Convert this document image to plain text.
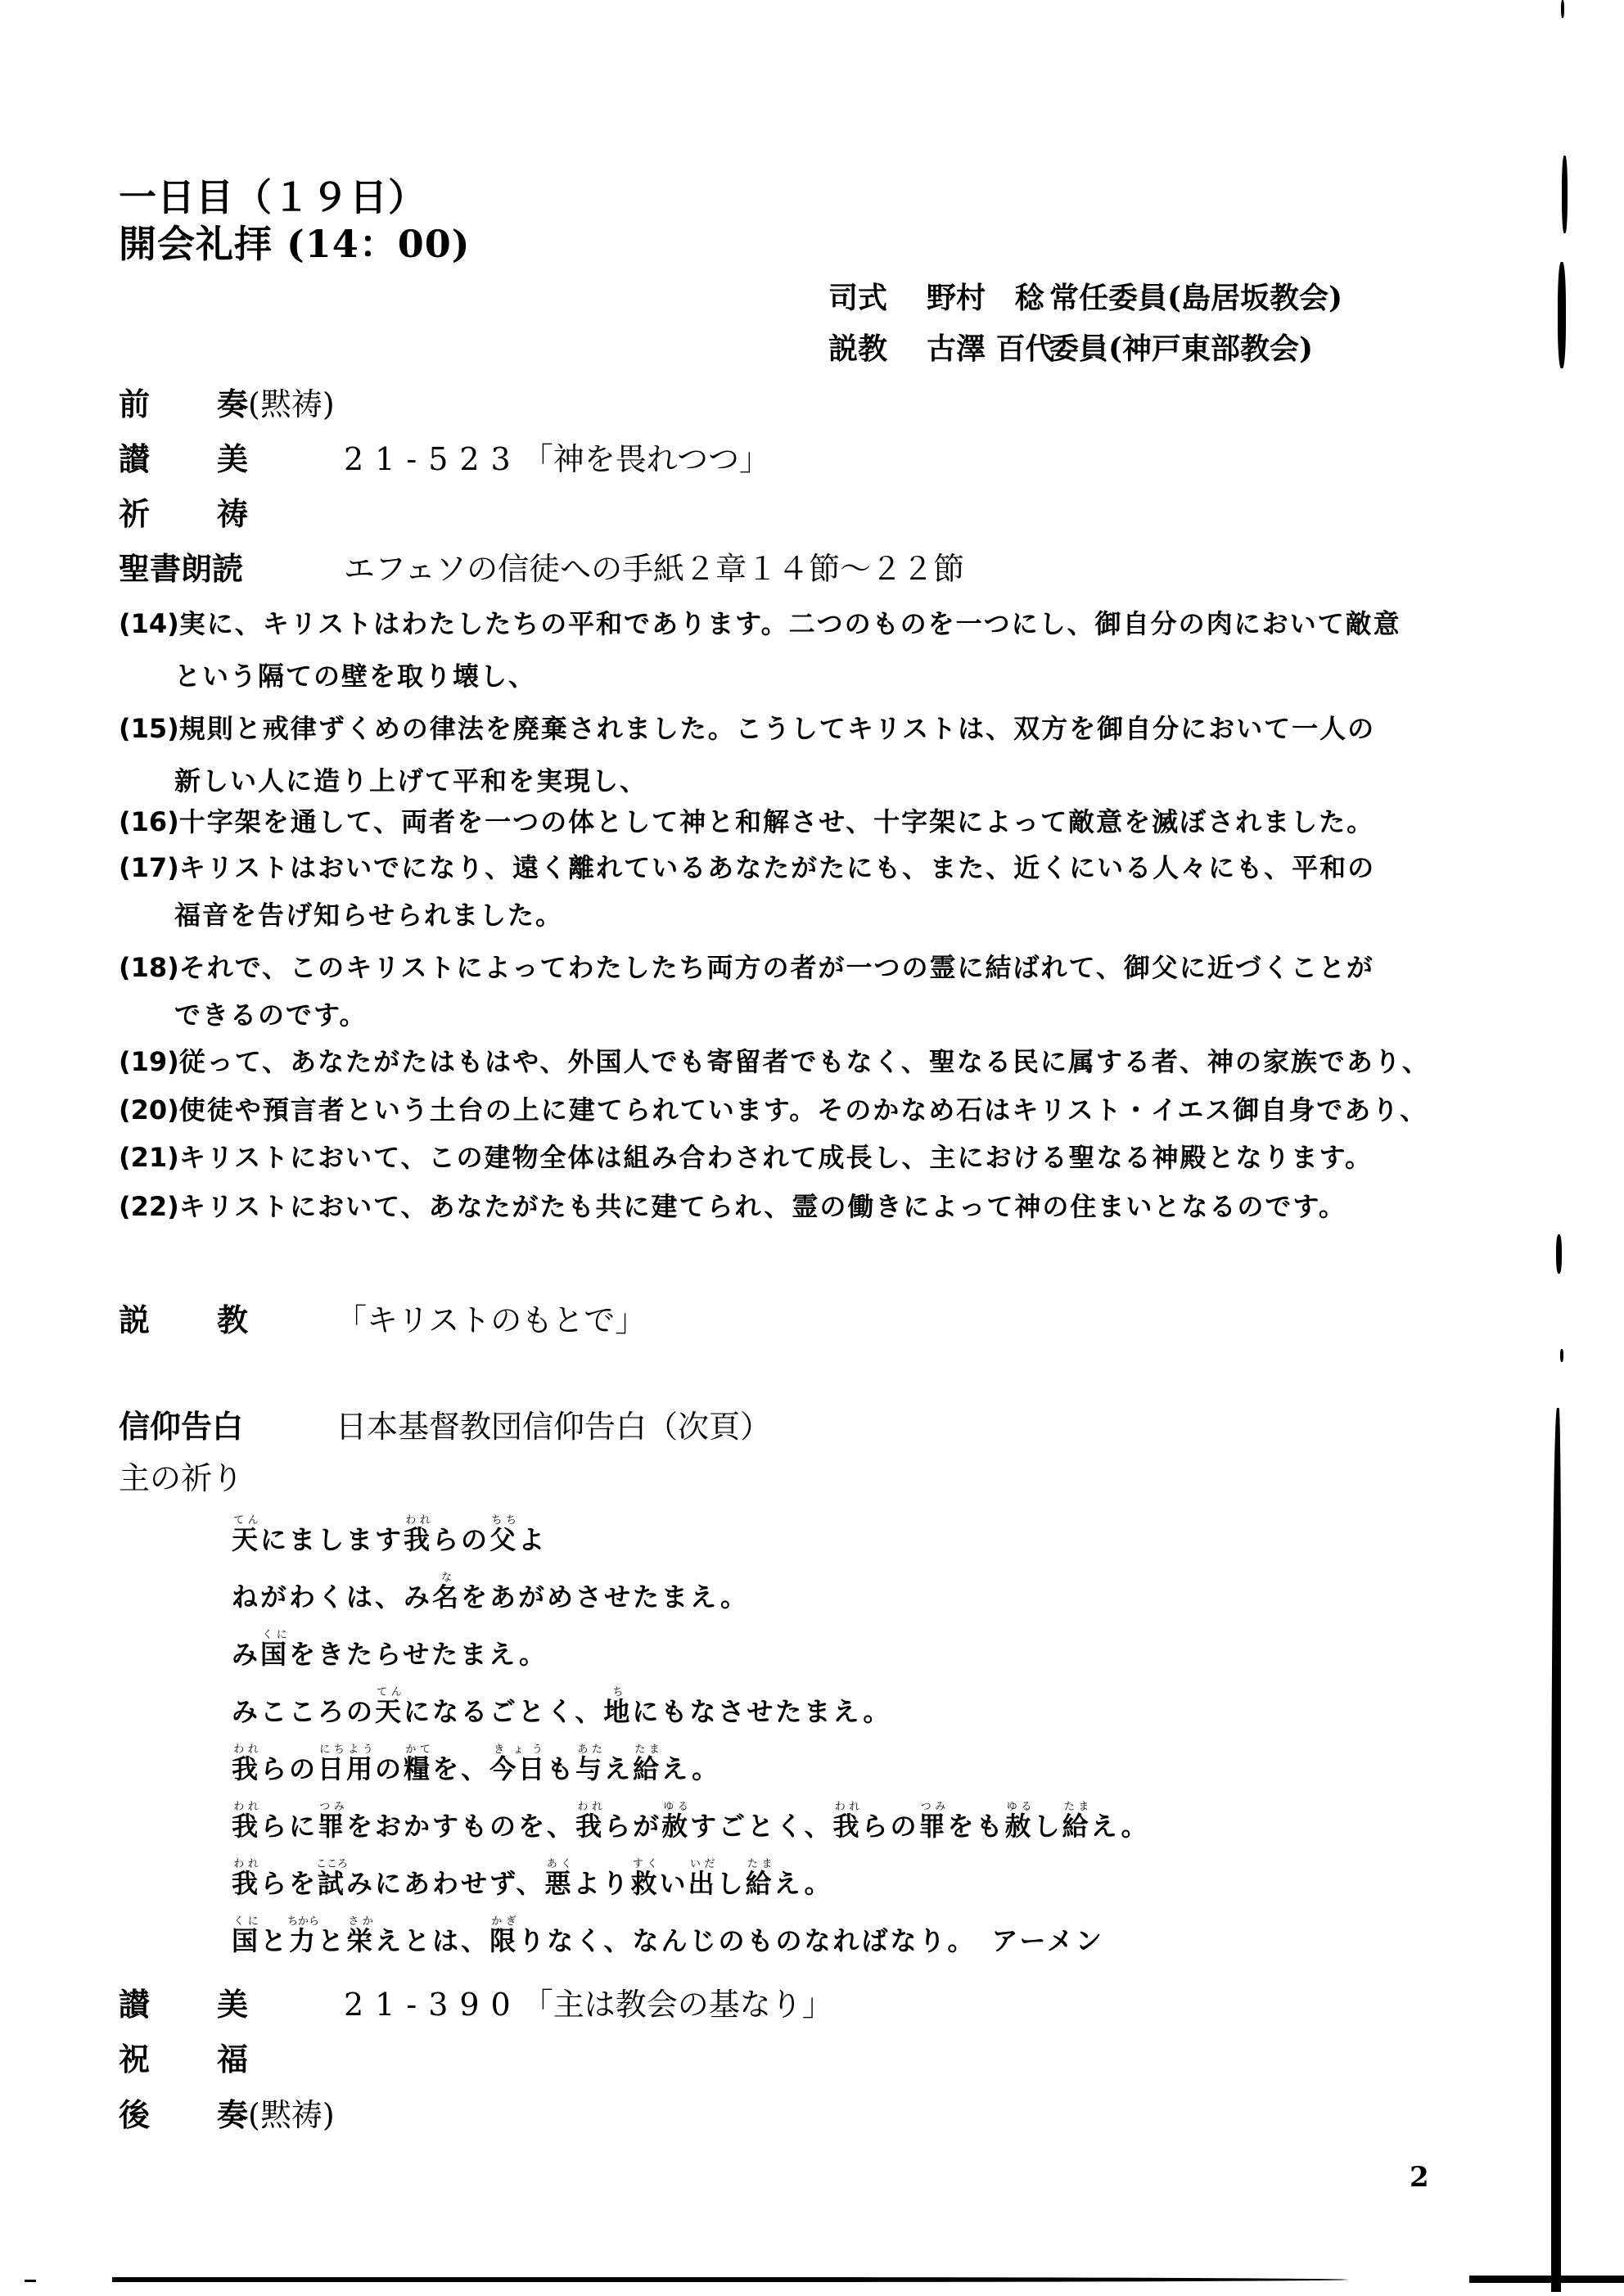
一日目（１９日）
開会礼拝 (14：00)
司式 野村　稔 常任委員(島居坂教会)
説教 古澤 百代委員(神戸東部教会)
前 奏(黙祷)
讃 美	21-523「神を畏れつつ」
祈 祷
聖書朗読	エフェソの信徒への手紙２章１４節～２２節
(14)実に、キリストはわたしたちの平和であります。二つのものを一つにし、御自分の肉において敵意
という隔ての壁を取り壊し、
(15)規則と戒律ずくめの律法を廃棄されました。こうしてキリストは、双方を御自分において一人の
新しい人に造り上げて平和を実現し、
(16)十字架を通して、両者を一つの体として神と和解させ、十字架によって敵意を滅ぼされました。
(17)キリストはおいでになり、遠く離れているあなたがたにも、また、近くにいる人々にも、平和の
福音を告げ知らせられました。
(18)それで、このキリストによってわたしたち両方の者が一つの霊に結ばれて、御父に近づくことが
できるのです。
(19)従って、あなたがたはもはや、外国人でも寄留者でもなく、聖なる民に属する者、神の家族であり、
(20)使徒や預言者という土台の上に建てられています。そのかなめ石はキリスト・イエス御自身であり、
(21)キリストにおいて、この建物全体は組み合わされて成長し、主における聖なる神殿となります。
(22)キリストにおいて、あなたがたも共に建てられ、霊の働きによって神の住まいとなるのです。
説 教	「キリストのもとで」
信仰告白	日本基督教団信仰告白（次頁）
主の祈り
天てんにまします我われらの父ちちよ
ねがわくは、み名なをあがめさせたまえ。
み国くにをきたらせたまえ。
みこころの天てんになるごとく、地ちにもなさせたまえ。
我われらの日用にちようの糧かてを、今日きょうも与あたえ給たまえ。
我われらに罪つみをおかすものを、我われらが赦ゆるすごとく、我われらの罪つみをも赦ゆるし給たまえ。
我われらを試こころみにあわせず、悪あくより救すくい出いだし給たまえ。
国くにと力ちからと栄さかえとは、限かぎりなく、なんじのものなればなり。　アーメン
讃 美	21-390「主は教会の基なり」
祝 福
後 奏(黙祷)
2
